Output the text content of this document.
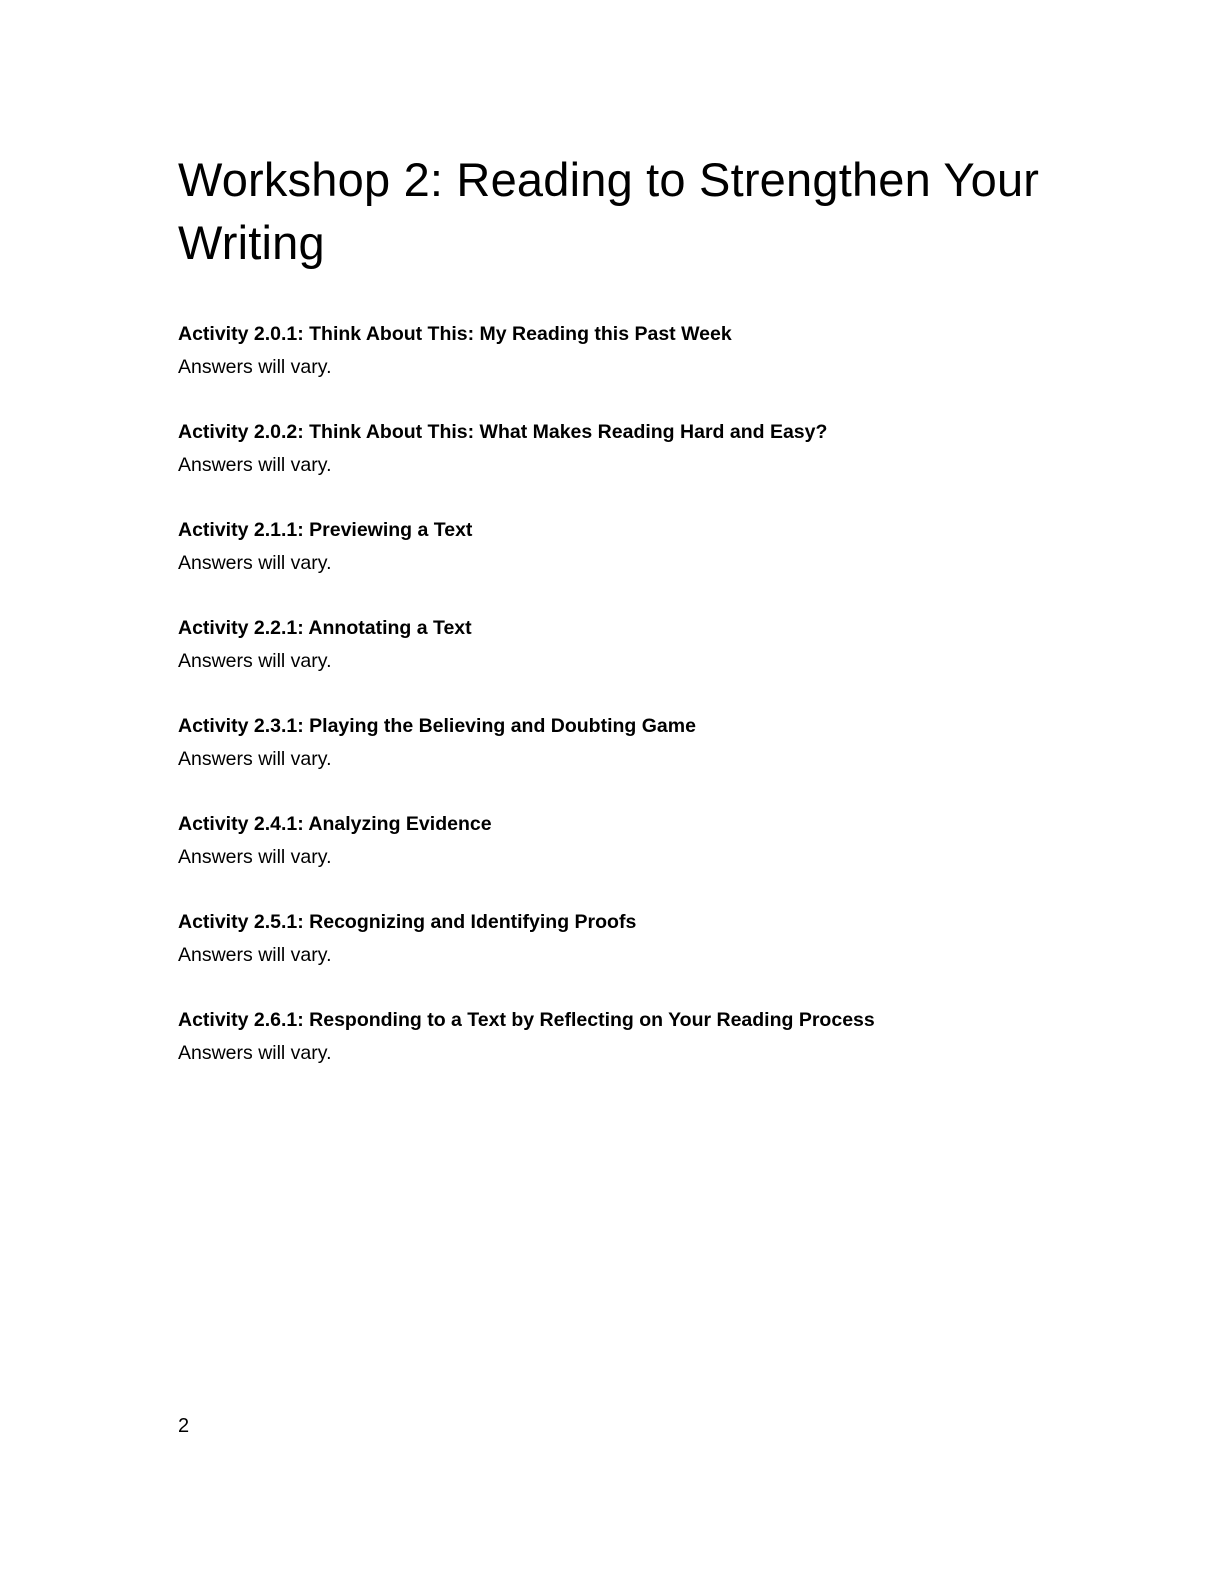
Workshop 2: Reading to Strengthen Your Writing
Activity 2.0.1: Think About This: My Reading this Past Week
Answers will vary.
Activity 2.0.2: Think About This: What Makes Reading Hard and Easy?
Answers will vary.
Activity 2.1.1: Previewing a Text
Answers will vary.
Activity 2.2.1: Annotating a Text
Answers will vary.
Activity 2.3.1: Playing the Believing and Doubting Game
Answers will vary.
Activity 2.4.1: Analyzing Evidence
Answers will vary.
Activity 2.5.1: Recognizing and Identifying Proofs
Answers will vary.
Activity 2.6.1: Responding to a Text by Reflecting on Your Reading Process
Answers will vary.
2
